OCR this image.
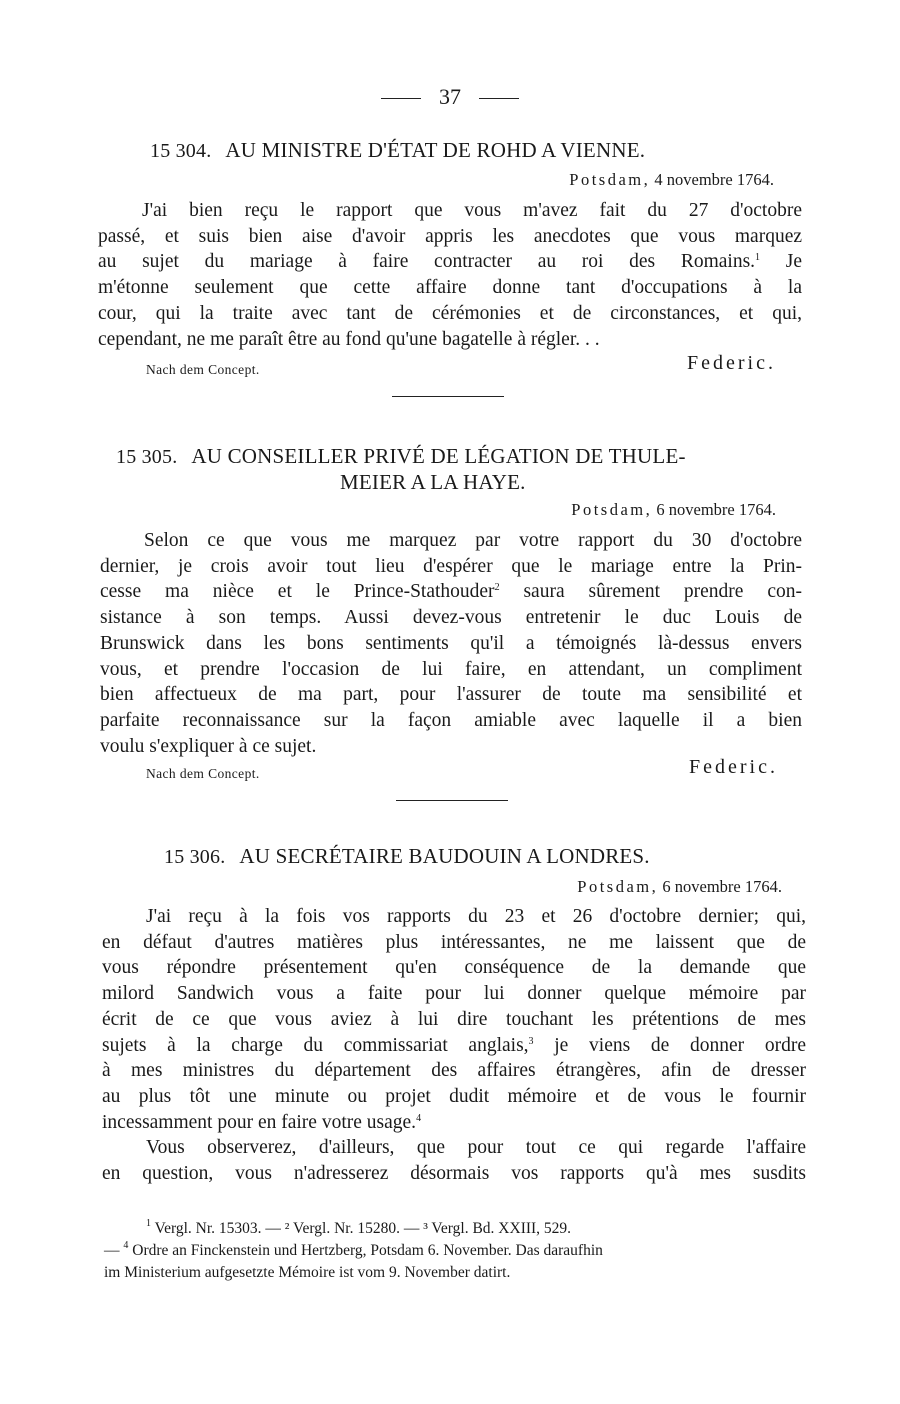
37
15 304. AU MINISTRE D'ÉTAT DE ROHD A VIENNE.
Potsdam, 4 novembre 1764.
J'ai bien reçu le rapport que vous m'avez fait du 27 d'octobre
passé, et suis bien aise d'avoir appris les anecdotes que vous marquez
au sujet du mariage à faire contracter au roi des Romains.$^1$ Je
m'étonne seulement que cette affaire donne tant d'occupations à la
cour, qui la traite avec tant de cérémonies et de circonstances, et qui,
cependant, ne me paraît être au fond qu'une bagatelle à régler. . .
Nach dem Concept.	Federic.
15 305. AU CONSEILLER PRIVÉ DE LÉGATION DE THULE-
MEIER A LA HAYE.
Potsdam, 6 novembre 1764.
Selon ce que vous me marquez par votre rapport du 30 d'octobre
dernier, je crois avoir tout lieu d'espérer que le mariage entre la Prin-
cesse ma nièce et le Prince-Stathouder$^2$ saura sûrement prendre con-
sistance à son temps. Aussi devez-vous entretenir le duc Louis de
Brunswick dans les bons sentiments qu'il a témoignés là-dessus envers
vous, et prendre l'occasion de lui faire, en attendant, un compliment
bien affectueux de ma part, pour l'assurer de toute ma sensibilité et
parfaite reconnaissance sur la façon amiable avec laquelle il a bien
voulu s'expliquer à ce sujet.
Nach dem Concept.	Federic.
15 306. AU SECRÉTAIRE BAUDOUIN A LONDRES.
Potsdam, 6 novembre 1764.
J'ai reçu à la fois vos rapports du 23 et 26 d'octobre dernier; qui,
en défaut d'autres matières plus intéressantes, ne me laissent que de
vous répondre présentement qu'en conséquence de la demande que
milord Sandwich vous a faite pour lui donner quelque mémoire par
écrit de ce que vous aviez à lui dire touchant les prétentions de mes
sujets à la charge du commissariat anglais,$^3$ je viens de donner ordre
à mes ministres du département des affaires étrangères, afin de dresser
au plus tôt une minute ou projet dudit mémoire et de vous le fournir
incessamment pour en faire votre usage.$^4$
Vous observerez, d'ailleurs, que pour tout ce qui regarde l'affaire
en question, vous n'adresserez désormais vos rapports qu'à mes susdits
$^1$ Vergl. Nr. 15303. — ² Vergl. Nr. 15280. — ³ Vergl. Bd. XXIII, 529.
— $^4$ Ordre an Finckenstein und Hertzberg, Potsdam 6. November. Das daraufhin
im Ministerium aufgesetzte Mémoire ist vom 9. November datirt.
